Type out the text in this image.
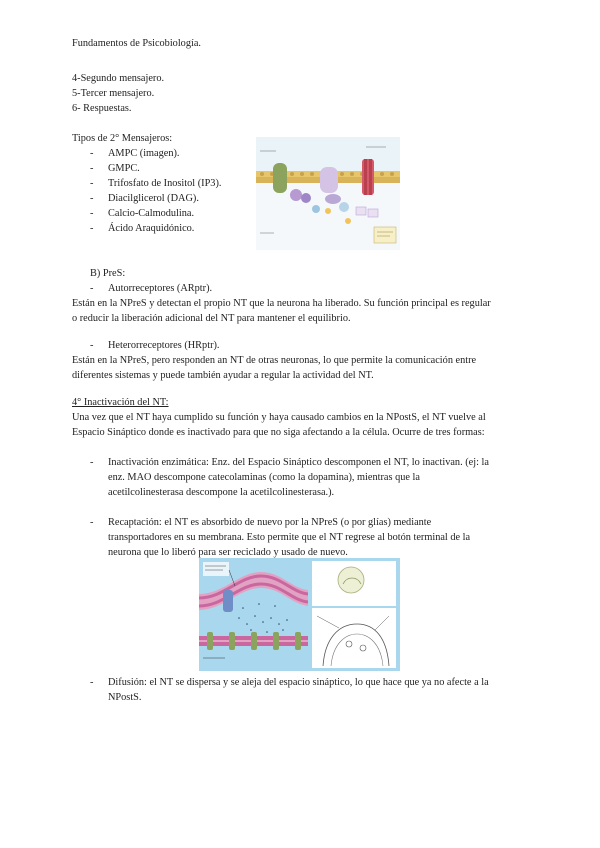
Fundamentos de Psicobiología.
4-Segundo mensajero.
5-Tercer mensajero.
6- Respuestas.
Tipos de 2° Mensajeros:
- AMPC (imagen).
- GMPC.
- Trifosfato de Inositol (IP3).
- Diacilglicerol (DAG).
- Calcio-Calmodulina.
- Ácido Araquidónico.
B) PreS:
- Autorreceptores (ARptr).
Están en la NPreS y detectan el propio NT que la neurona ha liberado. Su función principal es regular
o reducir la liberación adicional del NT para mantener el equilibrio.
- Heterorreceptores (HRptr).
Están en la NPreS, pero responden an NT de otras neuronas, lo que permite la comunicación entre
diferentes sistemas y puede también ayudar a regular la actividad del NT.
4° Inactivación del NT:
Una vez que el NT haya cumplido su función y haya causado cambios en la NPostS, el NT vuelve al
Espacio Sináptico donde es inactivado para que no siga afectando a la célula. Ocurre de tres formas:
- Inactivación enzimática: Enz. del Espacio Sináptico descomponen el NT, lo inactivan. (ej: la
enz. MAO descompone catecolaminas (como la dopamina), mientras que la
acetilcolinesterasa descompone la acetilcolinesterasa.).
- Recaptación: el NT es absorbido de nuevo por la NPreS (o por glías) mediante
transportadores en su membrana. Esto permite que el NT regrese al botón terminal de la
neurona que lo liberó para ser reciclado y usado de nuevo.
- Difusión: el NT se dispersa y se aleja del espacio sináptico, lo que hace que ya no afecte a la
NPostS.
